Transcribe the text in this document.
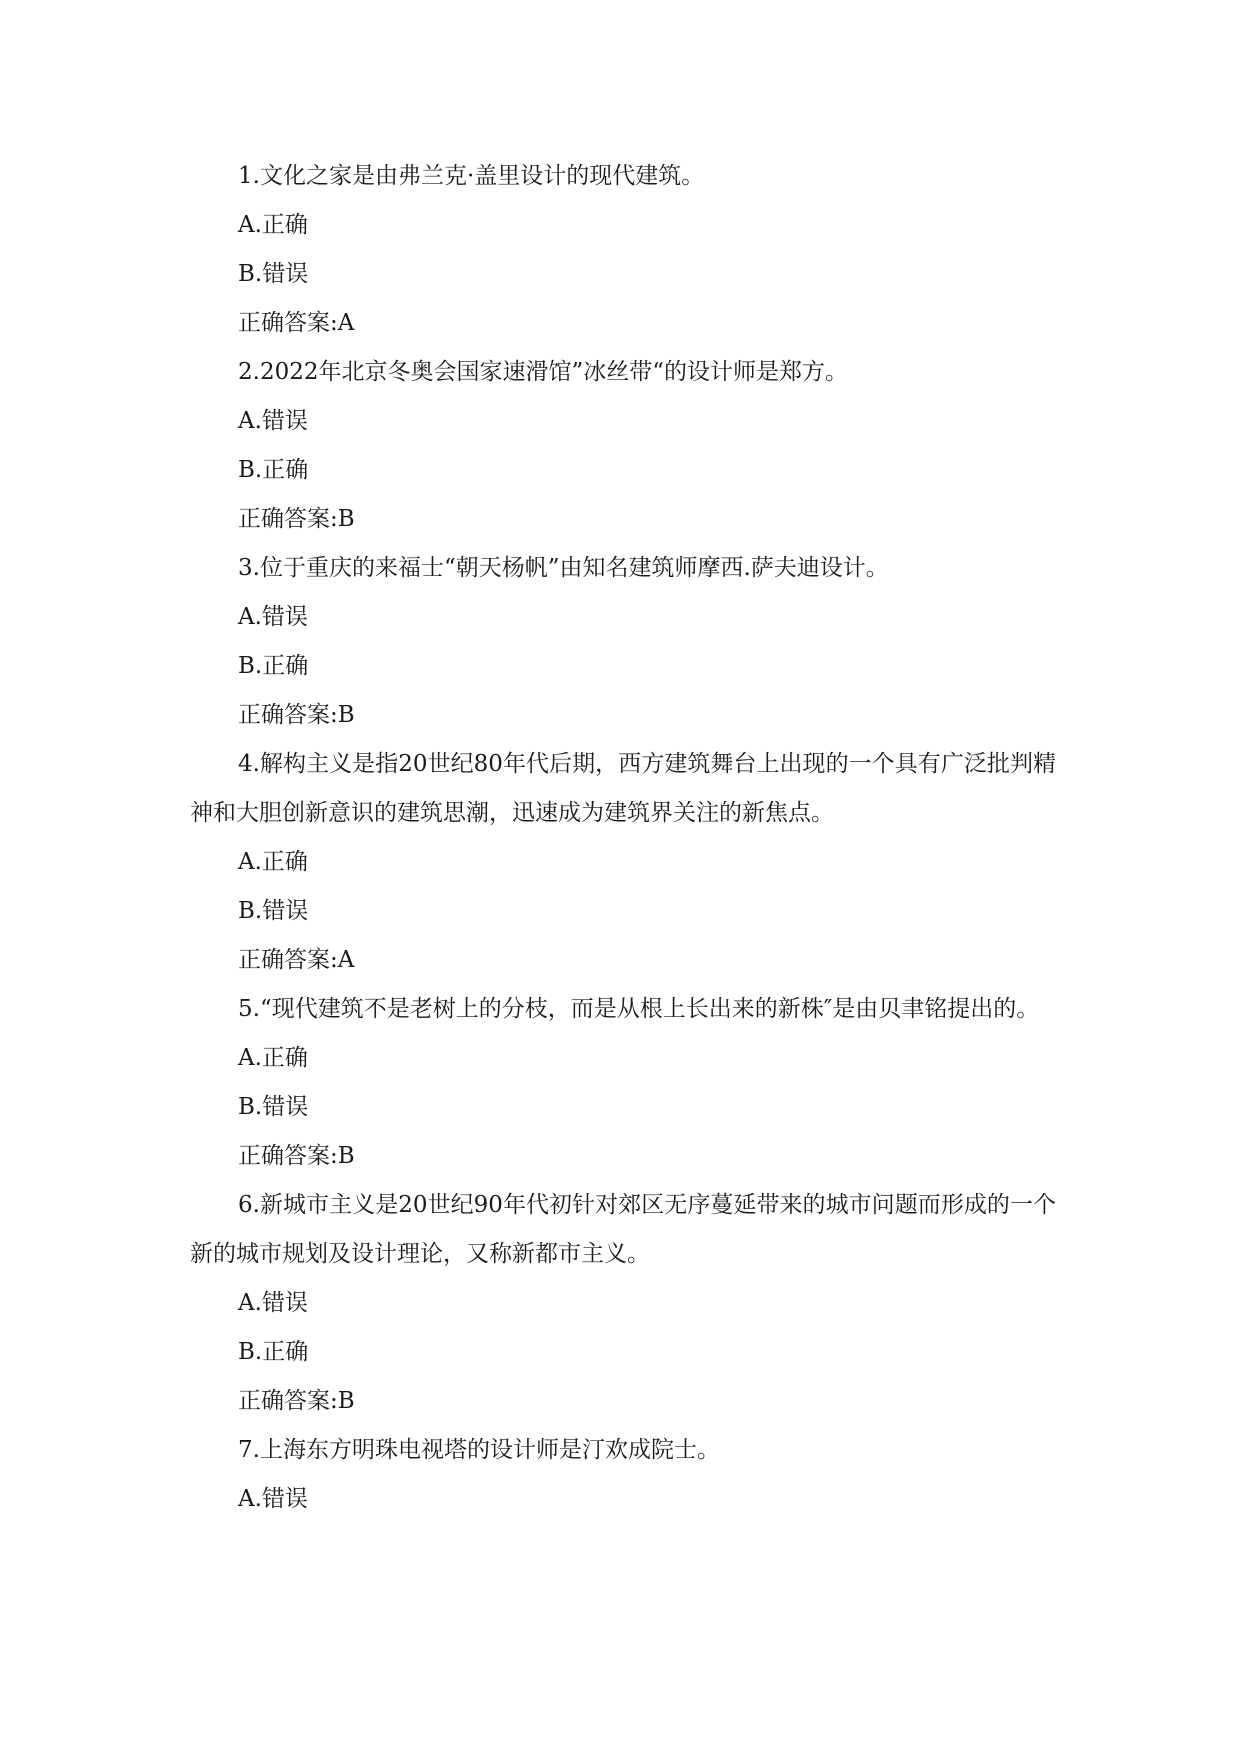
1.文化之家是由弗兰克·盖里设计的现代建筑。
A.正确
B.错误
正确答案:A
2.2022年北京冬奥会国家速滑馆”冰丝带“的设计师是郑方。
A.错误
B.正确
正确答案:B
3.位于重庆的来福士“朝天杨帆”由知名建筑师摩西.萨夫迪设计。
A.错误
B.正确
正确答案:B
4.解构主义是指20世纪80年代后期，西方建筑舞台上出现的一个具有广泛批判精神和大胆创新意识的建筑思潮，迅速成为建筑界关注的新焦点。
A.正确
B.错误
正确答案:A
5.“现代建筑不是老树上的分枝，而是从根上长出来的新株″是由贝聿铭提出的。
A.正确
B.错误
正确答案:B
6.新城市主义是20世纪90年代初针对郊区无序蔓延带来的城市问题而形成的一个新的城市规划及设计理论，又称新都市主义。
A.错误
B.正确
正确答案:B
7.上海东方明珠电视塔的设计师是汀欢成院士。
A.错误
